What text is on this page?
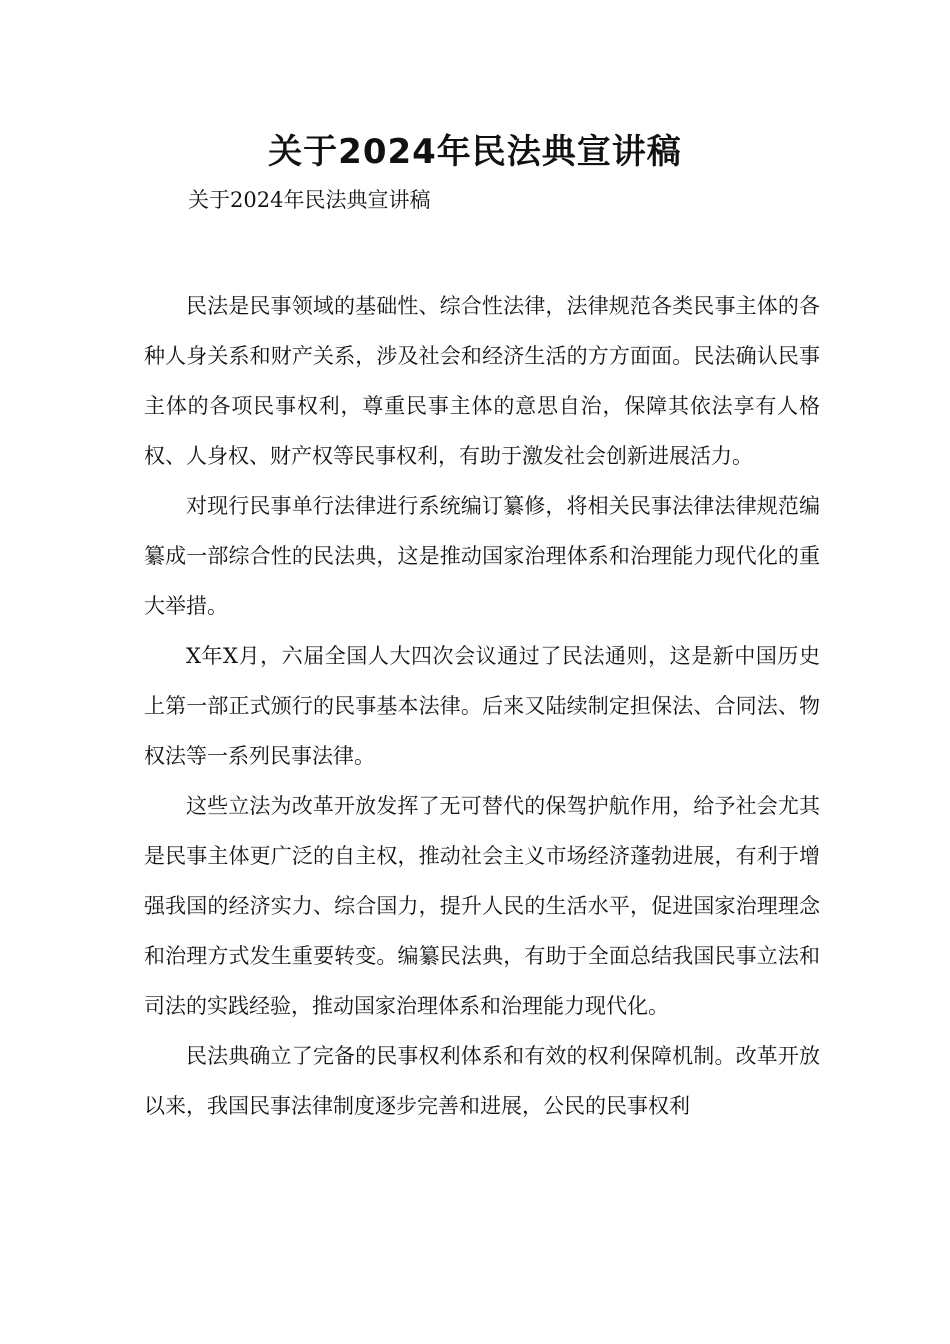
关于2024年民法典宣讲稿
关于2024年民法典宣讲稿

民法是民事领域的基础性、综合性法律，法律规范各类民事主体的各种人身关系和财产关系，涉及社会和经济生活的方方面面。民法确认民事主体的各项民事权利，尊重民事主体的意思自治，保障其依法享有人格权、人身权、财产权等民事权利，有助于激发社会创新进展活力。

对现行民事单行法律进行系统编订纂修，将相关民事法律法律规范编纂成一部综合性的民法典，这是推动国家治理体系和治理能力现代化的重大举措。

X年X月，六届全国人大四次会议通过了民法通则，这是新中国历史上第一部正式颁行的民事基本法律。后来又陆续制定担保法、合同法、物权法等一系列民事法律。

这些立法为改革开放发挥了无可替代的保驾护航作用，给予社会尤其是民事主体更广泛的自主权，推动社会主义市场经济蓬勃进展，有利于增强我国的经济实力、综合国力，提升人民的生活水平，促进国家治理理念和治理方式发生重要转变。编纂民法典，有助于全面总结我国民事立法和司法的实践经验，推动国家治理体系和治理能力现代化。

民法典确立了完备的民事权利体系和有效的权利保障机制。改革开放以来，我国民事法律制度逐步完善和进展，公民的民事权利
